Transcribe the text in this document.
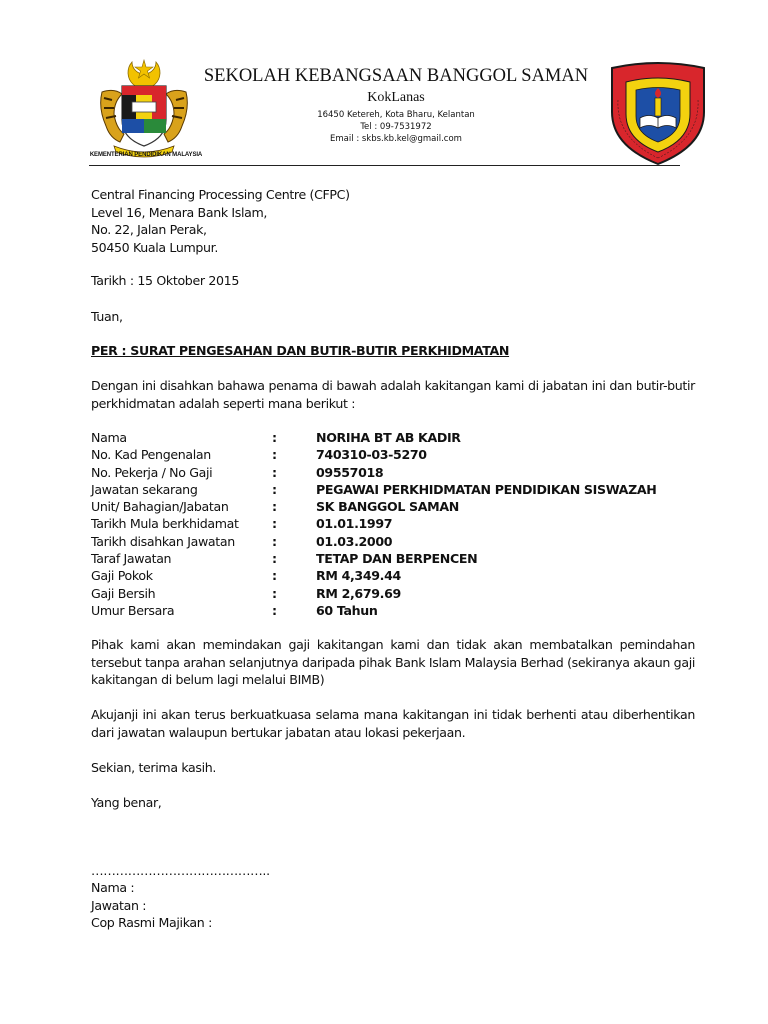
KEMENTERIAN PENDIDIKAN MALAYSIA
SEKOLAH KEBANGSAAN BANGGOL SAMAN
KokLanas
16450 Ketereh, Kota Bharu, Kelantan
Tel : 09-7531972
Email : skbs.kb.kel@gmail.com
Central Financing Processing Centre (CFPC)
Level 16, Menara Bank Islam,
No. 22, Jalan Perak,
50450 Kuala Lumpur.
Tarikh : 15 Oktober 2015
Tuan,
PER : SURAT PENGESAHAN DAN BUTIR-BUTIR PERKHIDMATAN
Dengan ini disahkan bahawa penama di bawah adalah kakitangan kami di jabatan ini dan butir-butir perkhidmatan adalah seperti mana berikut :
Nama	:	NORIHA BT AB KADIR
No. Kad Pengenalan	:	740310-03-5270
No. Pekerja / No Gaji	:	09557018
Jawatan sekarang	:	PEGAWAI PERKHIDMATAN PENDIDIKAN SISWAZAH
Unit/ Bahagian/Jabatan	:	SK BANGGOL SAMAN
Tarikh Mula berkhidamat	:	01.01.1997
Tarikh disahkan Jawatan	:	01.03.2000
Taraf Jawatan	:	TETAP DAN BERPENCEN
Gaji Pokok	:	RM 4,349.44
Gaji Bersih	:	RM 2,679.69
Umur Bersara	:	60 Tahun
Pihak kami akan memindakan gaji kakitangan kami dan tidak akan membatalkan pemindahan tersebut tanpa arahan selanjutnya daripada pihak Bank Islam Malaysia Berhad (sekiranya akaun gaji kakitangan di belum lagi melalui BIMB)
Akujanji ini akan terus berkuatkuasa selama mana kakitangan ini tidak berhenti atau diberhentikan dari jawatan walaupun bertukar jabatan atau lokasi pekerjaan.
Sekian, terima kasih.
Yang benar,
……………………………………..
Nama :
Jawatan :
Cop Rasmi Majikan :
